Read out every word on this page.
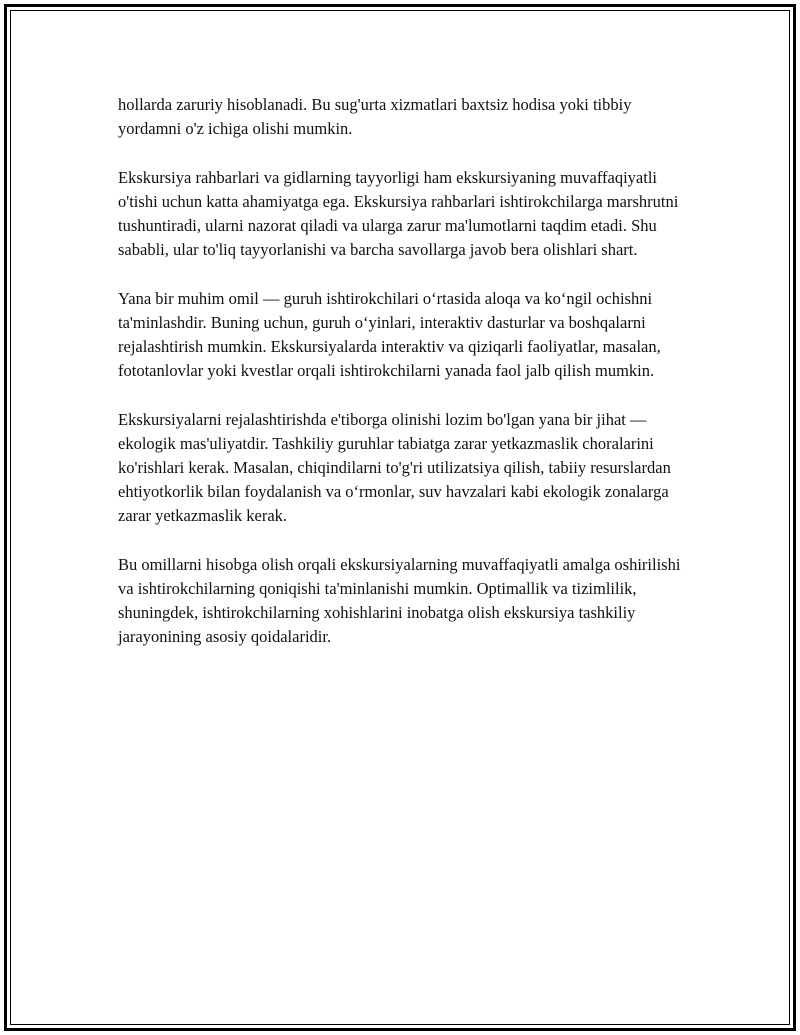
hollarda zaruriy hisoblanadi. Bu sug'urta xizmatlari baxtsiz hodisa yoki tibbiy yordamni o'z ichiga olishi mumkin.

Ekskursiya rahbarlari va gidlarning tayyorligi ham ekskursiyaning muvaffaqiyatli o'tishi uchun katta ahamiyatga ega. Ekskursiya rahbarlari ishtirokchilarga marshrutni tushuntiradi, ularni nazorat qiladi va ularga zarur ma'lumotlarni taqdim etadi. Shu sababli, ular to'liq tayyorlanishi va barcha savollarga javob bera olishlari shart.

Yana bir muhim omil — guruh ishtirokchilari o‘rtasida aloqa va ko‘ngil ochishni ta'minlashdir. Buning uchun, guruh o‘yinlari, interaktiv dasturlar va boshqalarni rejalashtirish mumkin. Ekskursiyalarda interaktiv va qiziqarli faoliyatlar, masalan, fototanlovlar yoki kvestlar orqali ishtirokchilarni yanada faol jalb qilish mumkin.

Ekskursiyalarni rejalashtirishda e'tiborga olinishi lozim bo'lgan yana bir jihat — ekologik mas'uliyatdir. Tashkiliy guruhlar tabiatga zarar yetkazmaslik choralarini ko'rishlari kerak. Masalan, chiqindilarni to'g'ri utilizatsiya qilish, tabiiy resurslardan ehtiyotkorlik bilan foydalanish va o‘rmonlar, suv havzalari kabi ekologik zonalarga zarar yetkazmaslik kerak.

Bu omillarni hisobga olish orqali ekskursiyalarning muvaffaqiyatli amalga oshirilishi va ishtirokchilarning qoniqishi ta'minlanishi mumkin. Optimallik va tizimlilik, shuningdek, ishtirokchilarning xohishlarini inobatga olish ekskursiya tashkiliy jarayonining asosiy qoidalaridir.
